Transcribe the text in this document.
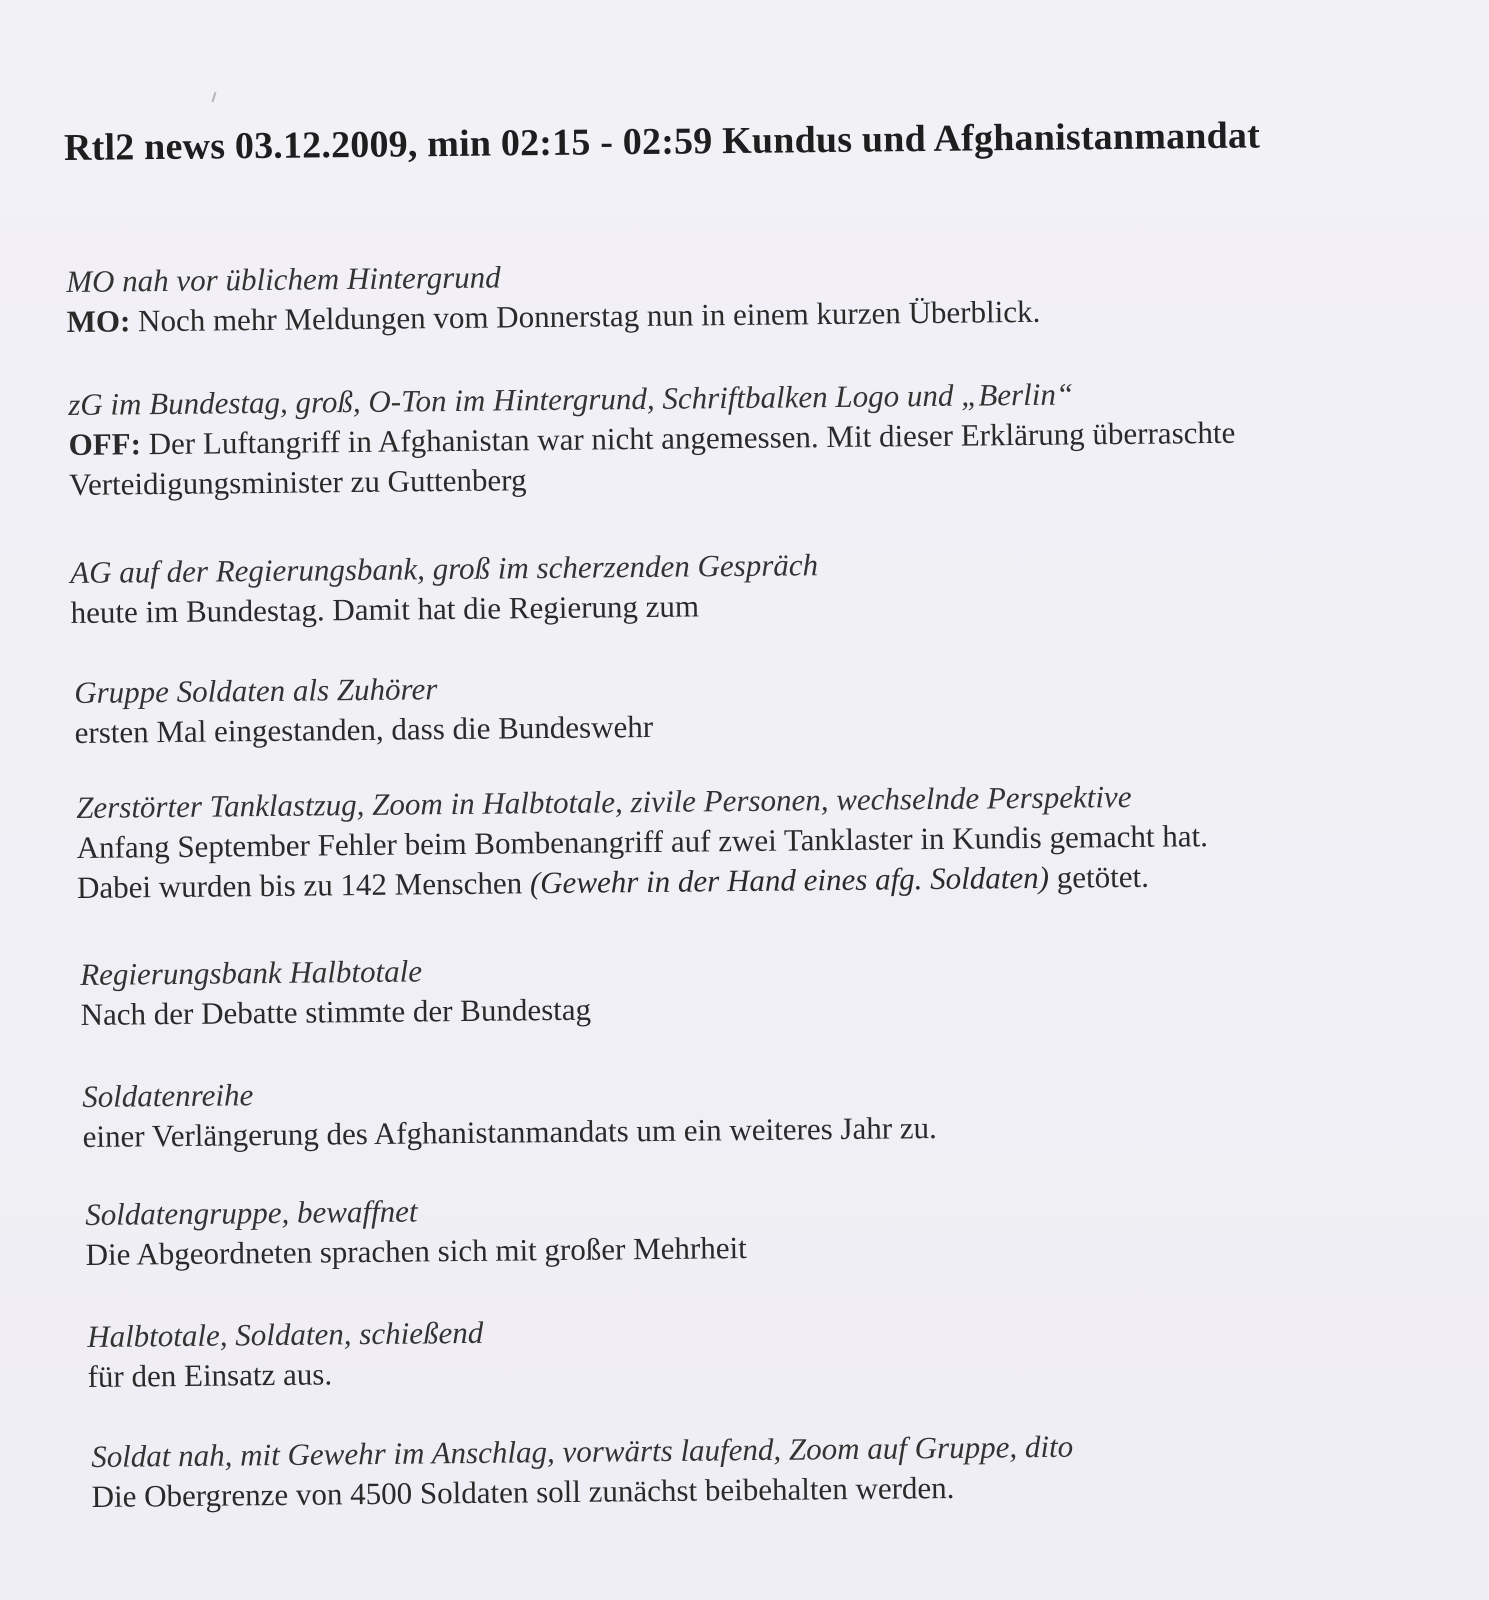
Rtl2 news 03.12.2009, min 02:15 - 02:59 Kundus und Afghanistanmandat
MO nah vor üblichem Hintergrund
MO: Noch mehr Meldungen vom Donnerstag nun in einem kurzen Überblick.
zG im Bundestag, groß, O-Ton im Hintergrund, Schriftbalken Logo und „Berlin“
OFF: Der Luftangriff in Afghanistan war nicht angemessen. Mit dieser Erklärung überraschte
Verteidigungsminister zu Guttenberg
AG auf der Regierungsbank, groß im scherzenden Gespräch
heute im Bundestag. Damit hat die Regierung zum
Gruppe Soldaten als Zuhörer
ersten Mal eingestanden, dass die Bundeswehr
Zerstörter Tanklastzug, Zoom in Halbtotale, zivile Personen, wechselnde Perspektive
Anfang September Fehler beim Bombenangriff auf zwei Tanklaster in Kundis gemacht hat.
Dabei wurden bis zu 142 Menschen (Gewehr in der Hand eines afg. Soldaten) getötet.
Regierungsbank Halbtotale
Nach der Debatte stimmte der Bundestag
Soldatenreihe
einer Verlängerung des Afghanistanmandats um ein weiteres Jahr zu.
Soldatengruppe, bewaffnet
Die Abgeordneten sprachen sich mit großer Mehrheit
Halbtotale, Soldaten, schießend
für den Einsatz aus.
Soldat nah, mit Gewehr im Anschlag, vorwärts laufend, Zoom auf Gruppe, dito
Die Obergrenze von 4500 Soldaten soll zunächst beibehalten werden.
